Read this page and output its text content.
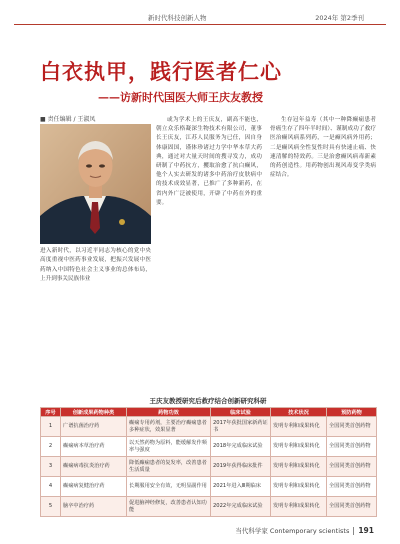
新时代科技创新人物	2024年 第2季刊
白衣执甲，践行医者仁心
——访新时代国医大师王庆友教授
■ 责任编辑 / 王淑凤
进入新时代，以习近平同志为核心的党中央高度重视中医药事业发展，把振兴发展中医药纳入中国特色社会主义事业的总体布局，上升到事关民族伟业

或为学术上的王庆友，副高不能也，朝立众乐格凝深生物技术有限公司，董事长王庆友，江苏人民服务为已任，因自身体康固国，谨体珍诸过力学中华本草大药典，通过对大量天时间的搜寻发力，成功研制了中药抗方，攫取治愈了抗白癫风，他个人实去研发的诸多中药治疗皮肤病中的技术成效显著，已推广了多种新药，在省内外广泛被使用，开辟了中药在外的重要。

生存冠年益寿（其中一种降癫痫患者骨癌生存了四年半时间）、谨制成功了救疗医治癫风病系列药，一是癫风病外用药；二是癫风病全性复性时具有快速止痛、快速清解的特效药。三是治愈癫风病毒新素的药创造性。用药物创出现风毒变学类病症结合。

王庆友教授研究后救疗结合创新研究科研
序号	创新成果药物种类	药物功效	临床试验	技术状况	预防药物
1	广谱抗菌治疗药	癫痫专用药剂，主要治疗癫痫患者多种症状，效果显著	2017年获批国家新药证书	发明专利和成果转化	全国同类首创药物
2	癫痫病本草治疗药	以天然药物为原料，能缓解发作频率与强度	2018年完成临床试验	发明专利和成果转化	全国同类首创药物
3	癫痫病毒抗炎治疗药	降低癫痫患者的复发率，改善患者生活质量	2019年获得临床批件	发明专利和成果转化	全国同类首创药物
4	癫痫病复健治疗药	长期服用安全有效，无明显副作用	2021年进入Ⅲ期临床	发明专利和成果转化	全国同类首创药物
5	脑卒中治疗药	促进脑神经修复，改善患者认知功能	2022年完成临床试验	发明专利和成果转化	全国同类首创药物
当代科学家 Contemporary scientists 191
